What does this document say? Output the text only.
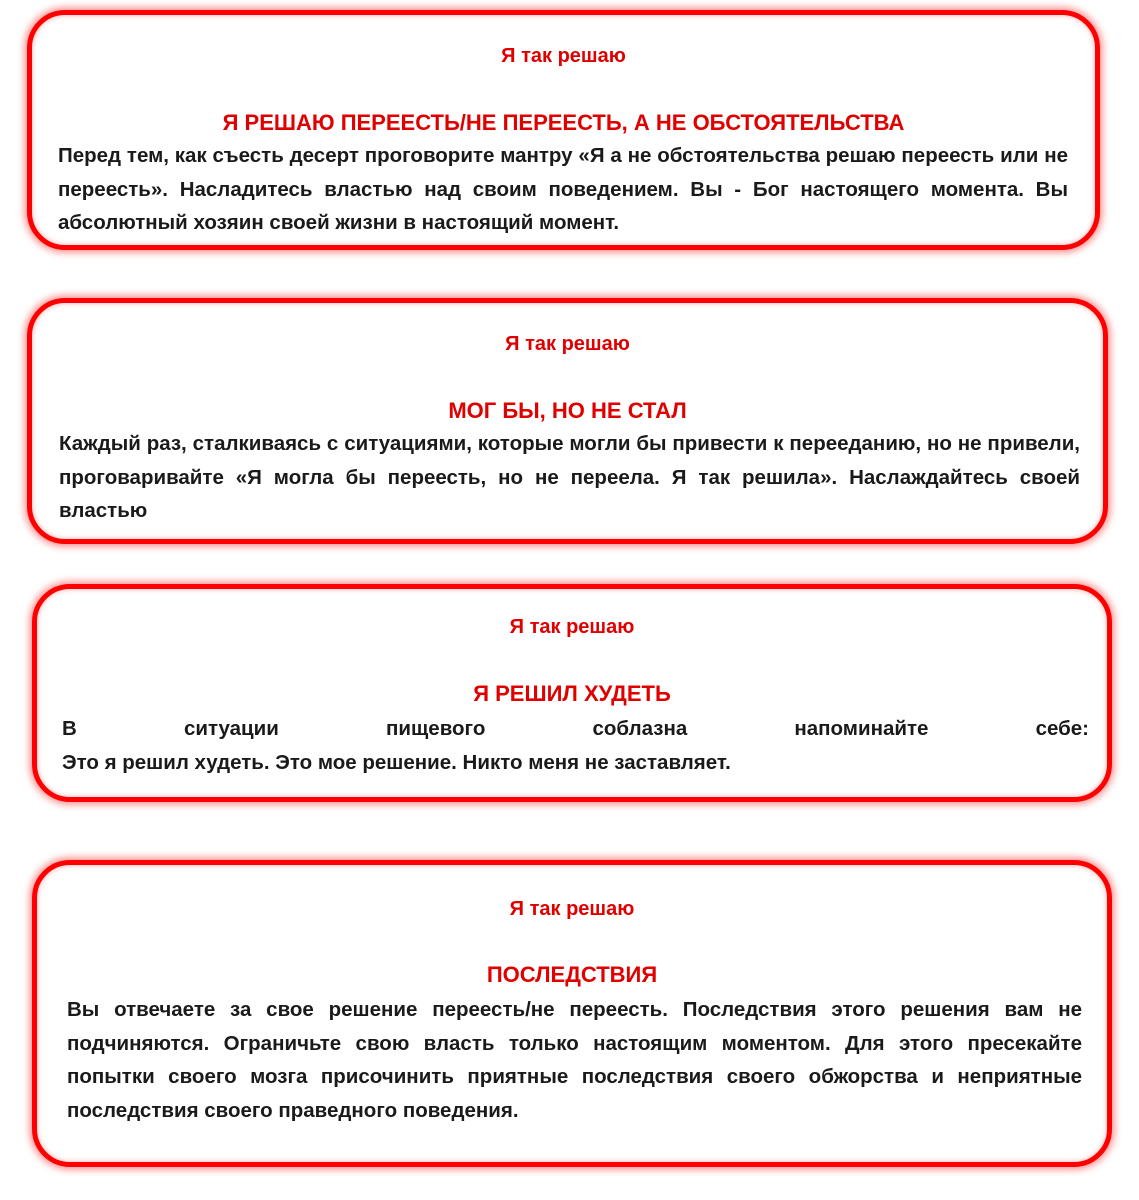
Я так решаю

Я РЕШАЮ ПЕРЕЕСТЬ/НЕ ПЕРЕЕСТЬ, А НЕ ОБСТОЯТЕЛЬСТВА

Перед тем, как съесть десерт проговорите мантру «Я а не обстоятельства решаю переесть или не переесть». Насладитесь властью над своим поведением. Вы - Бог настоящего момента. Вы абсолютный хозяин своей жизни в настоящий момент.

Я так решаю

МОГ БЫ, НО НЕ СТАЛ

Каждый раз, сталкиваясь с ситуациями, которые могли бы привести к перееданию, но не привели, проговаривайте «Я могла бы переесть, но не переела. Я так решила». Наслаждайтесь своей властью

Я так решаю

Я РЕШИЛ ХУДЕТЬ

В ситуации пищевого соблазна напоминайте себе:
Это я решил худеть. Это мое решение. Никто меня не заставляет.

Я так решаю

ПОСЛЕДСТВИЯ

Вы отвечаете за свое решение переесть/не переесть. Последствия этого решения вам не подчиняются. Ограничьте свою власть только настоящим моментом. Для этого пресекайте попытки своего мозга присочинить приятные последствия своего обжорства и неприятные последствия своего праведного поведения.
